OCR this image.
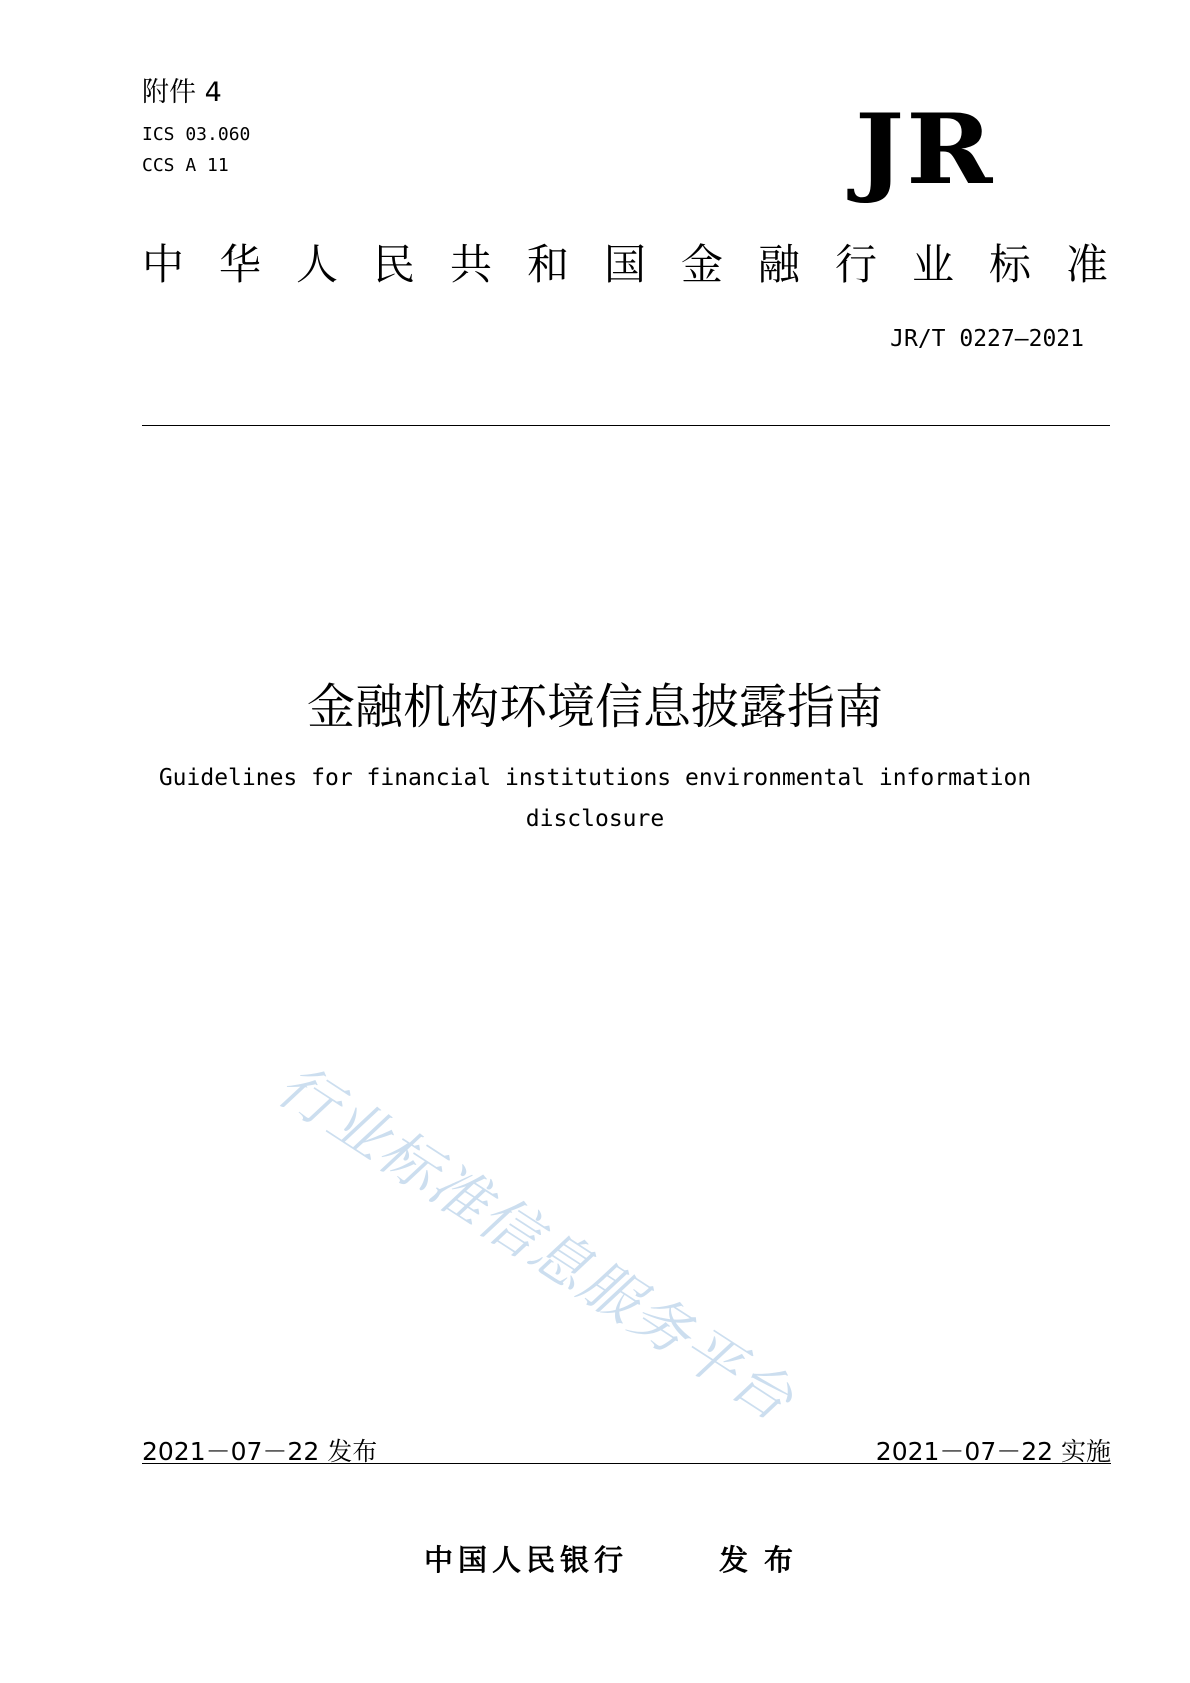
附件 4
ICS 03.060
CCS A 11	JR
中华人民共和国金融行业标准
JR/T 0227—2021
金融机构环境信息披露指南
Guidelines for financial institutions environmental information disclosure
行业标准信息服务平台
2021－07－22 发布	2021－07－22 实施
中国人民银行	发布
